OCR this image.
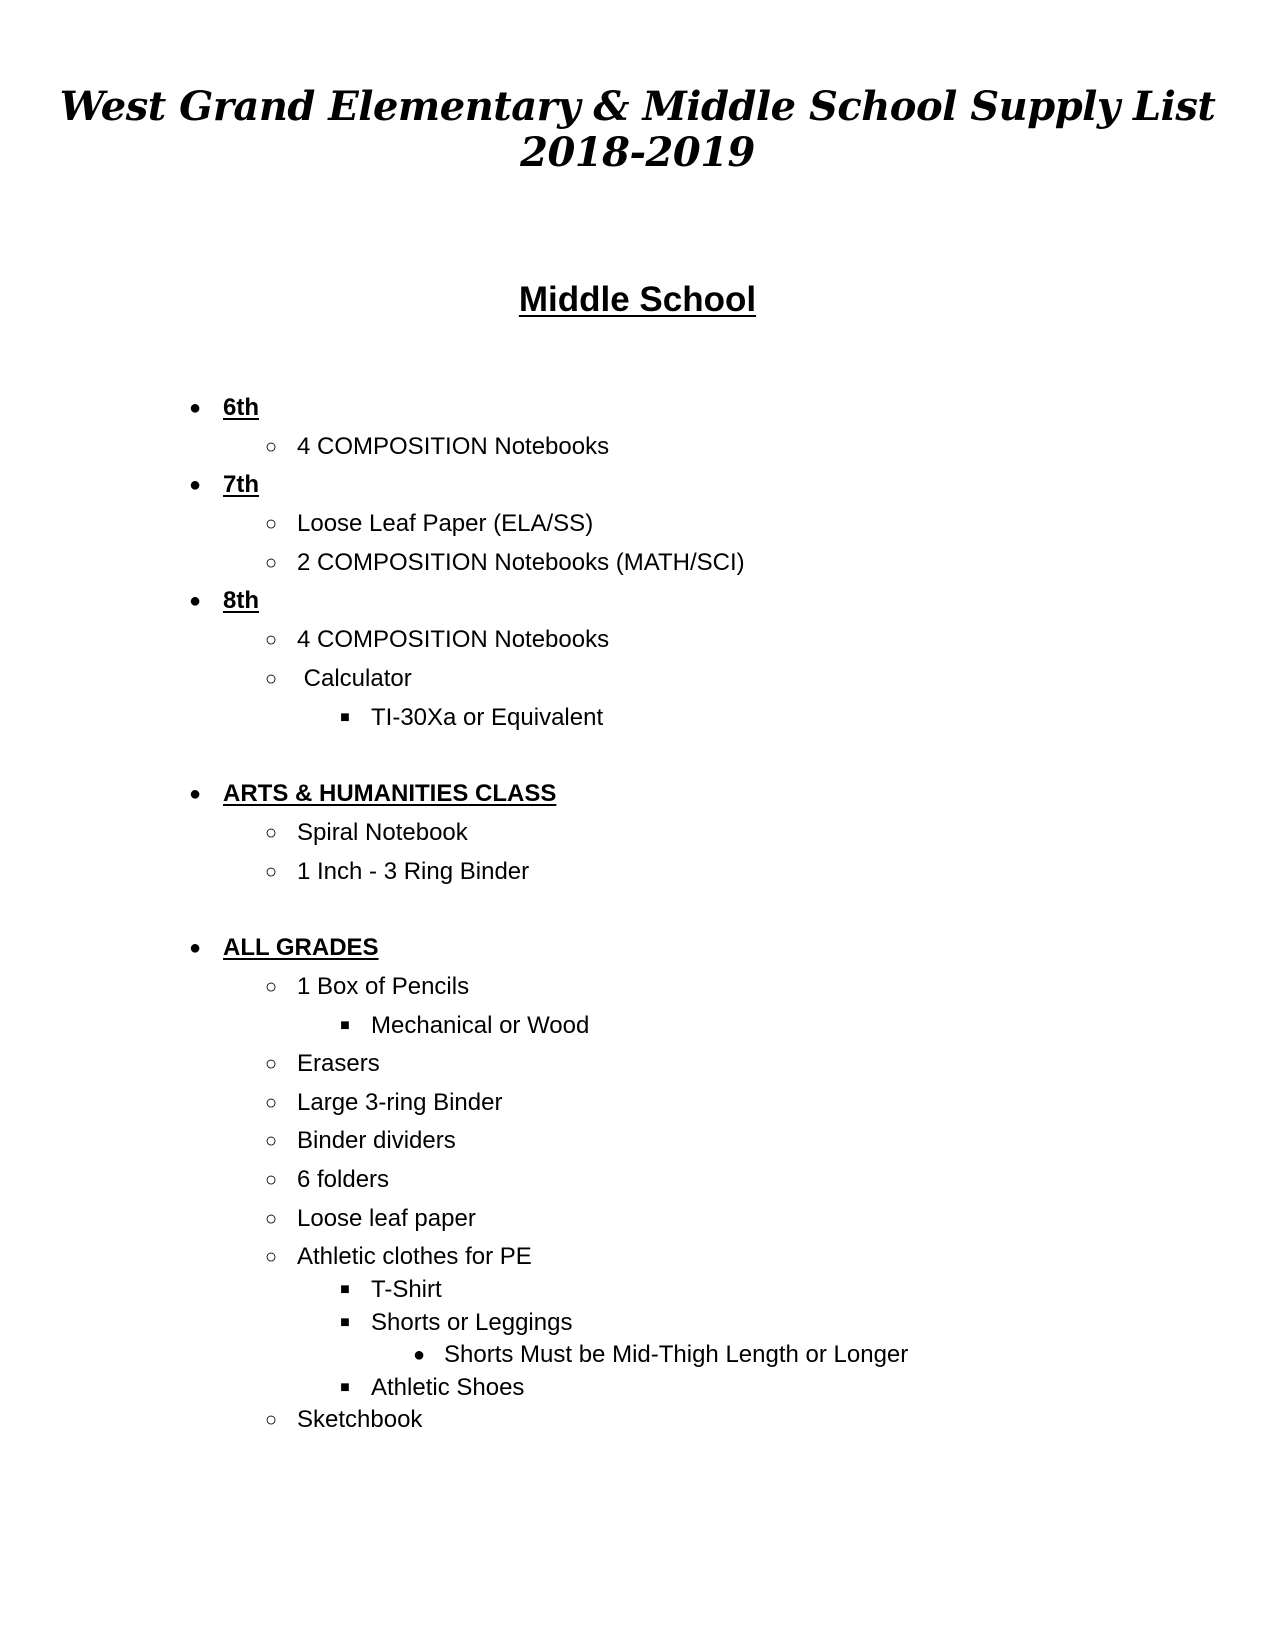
West Grand Elementary & Middle School Supply List
2018-2019
Middle School
● 6th
○ 4 COMPOSITION Notebooks
● 7th
○ Loose Leaf Paper (ELA/SS)
○ 2 COMPOSITION Notebooks (MATH/SCI)
● 8th
○ 4 COMPOSITION Notebooks
○ Calculator
■ TI-30Xa or Equivalent
● ARTS & HUMANITIES CLASS
○ Spiral Notebook
○ 1 Inch - 3 Ring Binder
● ALL GRADES
○ 1 Box of Pencils
■ Mechanical or Wood
○ Erasers
○ Large 3-ring Binder
○ Binder dividers
○ 6 folders
○ Loose leaf paper
○ Athletic clothes for PE
■ T-Shirt
■ Shorts or Leggings
● Shorts Must be Mid-Thigh Length or Longer
■ Athletic Shoes
○ Sketchbook
